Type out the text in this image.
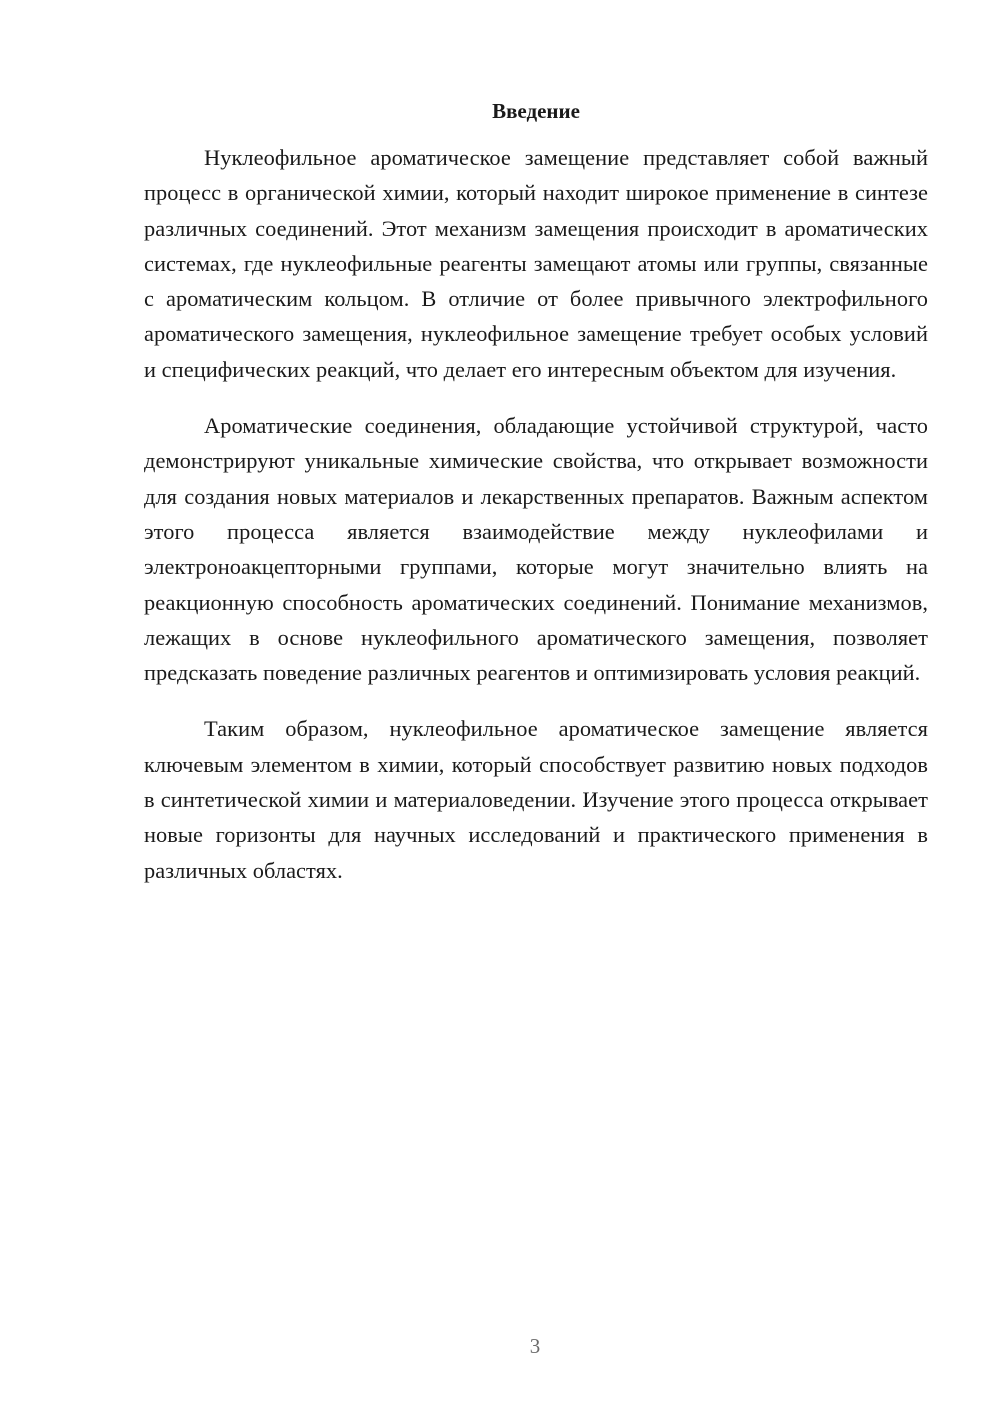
Введение

Нуклеофильное ароматическое замещение представляет собой важный процесс в органической химии, который находит широкое применение в синтезе различных соединений. Этот механизм замещения происходит в ароматических системах, где нуклеофильные реагенты замещают атомы или группы, связанные с ароматическим кольцом. В отличие от более привычного электрофильного ароматического замещения, нуклеофильное замещение требует особых условий и специфических реакций, что делает его интересным объектом для изучения.

Ароматические соединения, обладающие устойчивой структурой, часто демонстрируют уникальные химические свойства, что открывает возможности для создания новых материалов и лекарственных препаратов. Важным аспектом этого процесса является взаимодействие между нуклеофилами и электроноакцепторными группами, которые могут значительно влиять на реакционную способность ароматических соединений. Понимание механизмов, лежащих в основе нуклеофильного ароматического замещения, позволяет предсказать поведение различных реагентов и оптимизировать условия реакций.

Таким образом, нуклеофильное ароматическое замещение является ключевым элементом в химии, который способствует развитию новых подходов в синтетической химии и материаловедении. Изучение этого процесса открывает новые горизонты для научных исследований и практического применения в различных областях.

3
